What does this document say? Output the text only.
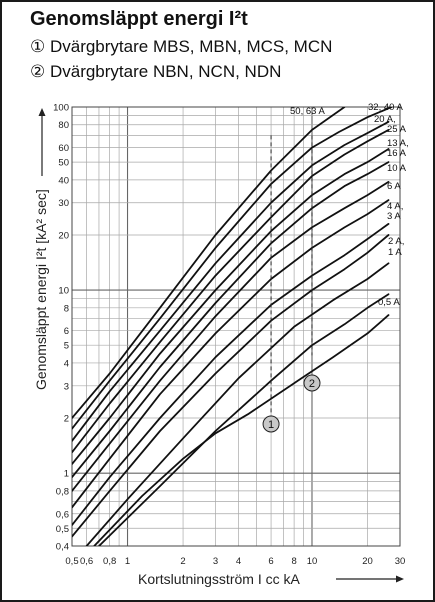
Genomsläppt energi I²t
① Dvärgbrytare MBS, MBN, MCS, MCN
② Dvärgbrytare NBN, NCN, NDN
0,5 0,6 0,8 1	2	3 4	6 8 10	20 30
0,4
0,5
0,6
0,8
1
2
3
4
5
6
8
10
20
30
40
50
60
80
100
Kortslutningsström I cc kA
Genomsläppt energi I²t [kA² sec]
50, 63 A	32, 40 A
20 A,
25 A
13 A,
16 A
10 A
6 A
4 A,
3 A
2 A,
1 A
0,5 A
1
2
